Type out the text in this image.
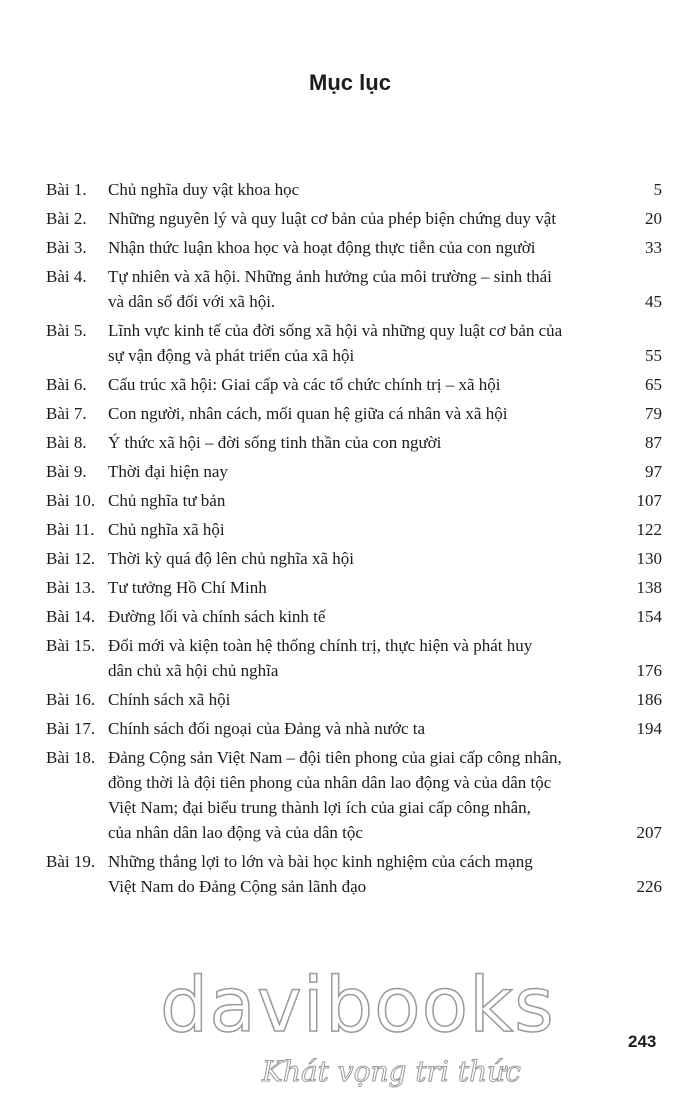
Mục lục
Bài 1.	Chủ nghĩa duy vật khoa học	5
Bài 2.	Những nguyên lý và quy luật cơ bản của phép biện chứng duy vật	20
Bài 3.	Nhận thức luận khoa học và hoạt động thực tiễn của con người	33
Bài 4.	Tự nhiên và xã hội. Những ảnh hưởng của môi trường – sinh thái
và dân số đối với xã hội.	45
Bài 5.	Lĩnh vực kinh tế của đời sống xã hội và những quy luật cơ bản của
sự vận động và phát triển của xã hội	55
Bài 6.	Cấu trúc xã hội: Giai cấp và các tổ chức chính trị – xã hội	65
Bài 7.	Con người, nhân cách, mối quan hệ giữa cá nhân và xã hội	79
Bài 8.	Ý thức xã hội – đời sống tinh thần của con người	87
Bài 9.	Thời đại hiện nay	97
Bài 10. Chủ nghĩa tư bản	107
Bài 11. Chủ nghĩa xã hội	122
Bài 12. Thời kỳ quá độ lên chủ nghĩa xã hội	130
Bài 13. Tư tưởng Hồ Chí Minh	138
Bài 14. Đường lối và chính sách kinh tế	154
Bài 15. Đổi mới và kiện toàn hệ thống chính trị, thực hiện và phát huy
dân chủ xã hội chủ nghĩa	176
Bài 16. Chính sách xã hội	186
Bài 17. Chính sách đối ngoại của Đảng và nhà nước ta	194
Bài 18. Đảng Cộng sản Việt Nam – đội tiên phong của giai cấp công nhân,
đồng thời là đội tiên phong của nhân dân lao động và của dân tộc
Việt Nam; đại biểu trung thành lợi ích của giai cấp công nhân,
của nhân dân lao động và của dân tộc	207
Bài 19. Những thắng lợi to lớn và bài học kinh nghiệm của cách mạng
Việt Nam do Đảng Cộng sản lãnh đạo	226
davibooks
Khát vọng tri thức
243
